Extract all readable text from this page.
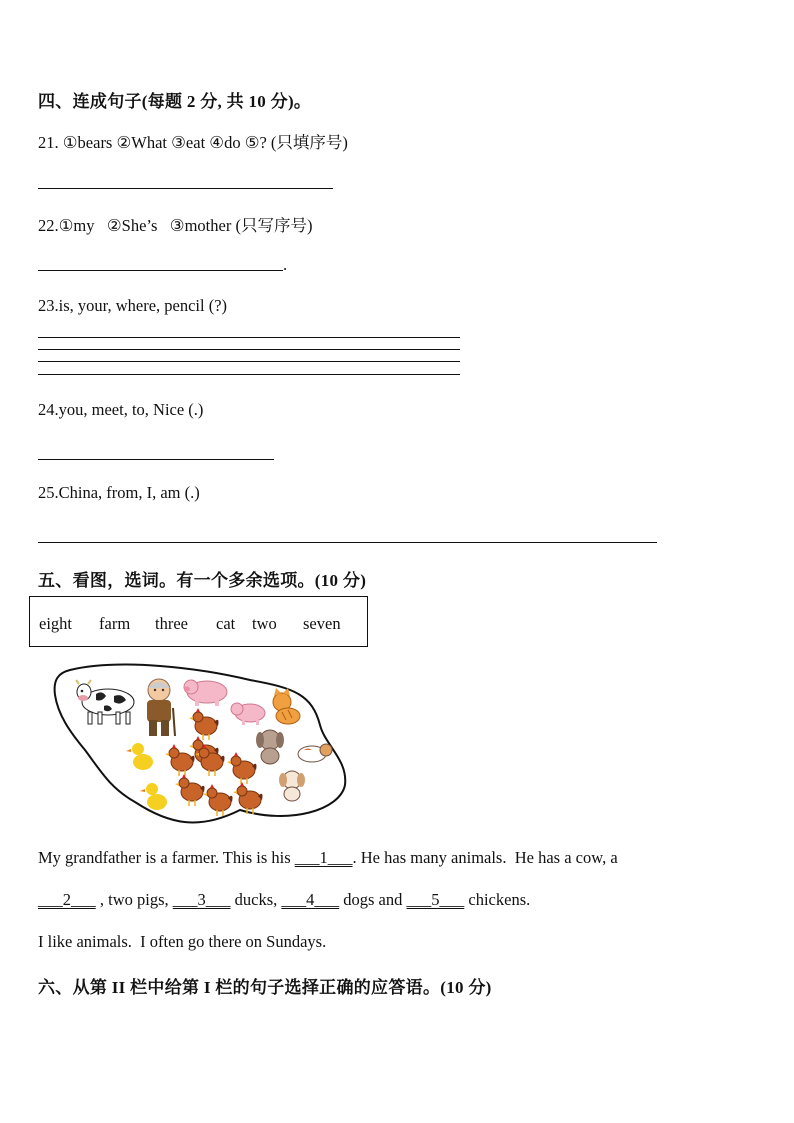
四、连成句子(每题 2 分, 共 10 分)。
21. ①bears ②What ③eat ④do ⑤? (只填序号)
22.①my   ②She’s   ③mother (只写序号)
.
23.is, your, where, pencil (?)
24.you, meet, to, Nice (.)
25.China, from, I, am (.)
五、看图，选词。有一个多余选项。(10 分)
eight farm three cat two seven
My grandfather is a farmer. This is his ___1___. He has many animals.  He has a cow, a
___2___ , two pigs, ___3___ ducks, ___4___ dogs and ___5___ chickens.
I like animals.  I often go there on Sundays.
六、从第 II 栏中给第 I 栏的句子选择正确的应答语。(10 分)
